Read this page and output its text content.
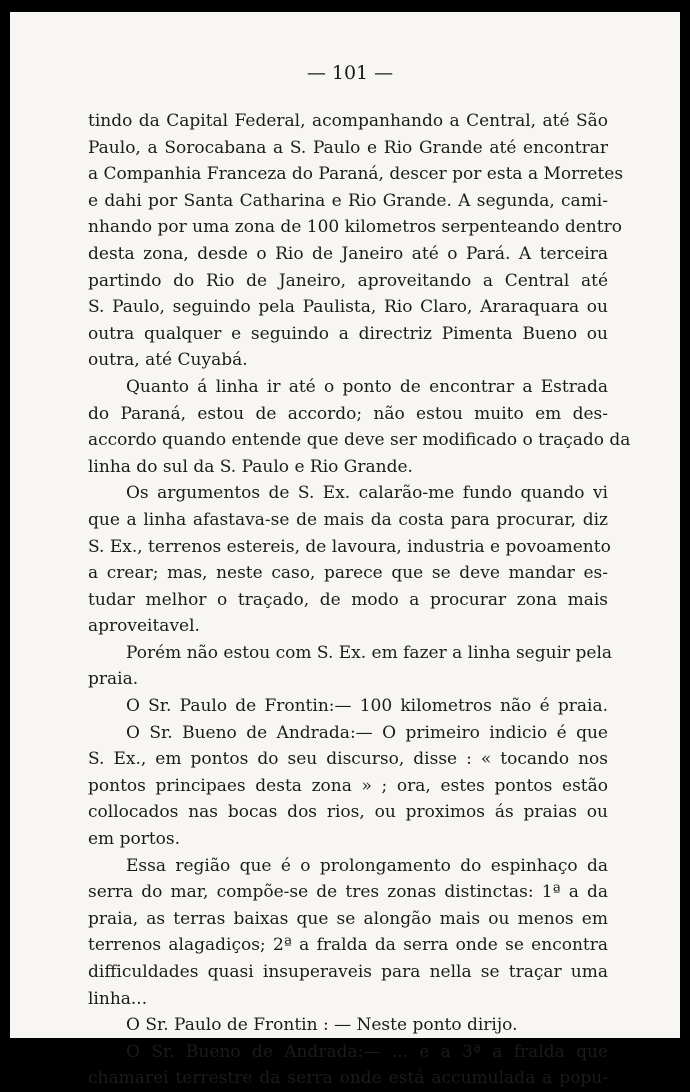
— 101 —
tindo da Capital Federal, acompanhando a Central, até São
Paulo, a Sorocabana a S. Paulo e Rio Grande até encontrar
a Companhia Franceza do Paraná, descer por esta a Morretes
e dahi por Santa Catharina e Rio Grande. A segunda, cami-
nhando por uma zona de 100 kilometros serpenteando dentro
desta zona, desde o Rio de Janeiro até o Pará. A terceira
partindo do Rio de Janeiro, aproveitando a Central até
S. Paulo, seguindo pela Paulista, Rio Claro, Araraquara ou
outra qualquer e seguindo a directriz Pimenta Bueno ou
outra, até Cuyabá.
Quanto á linha ir até o ponto de encontrar a Estrada
do Paraná, estou de accordo; não estou muito em des-
accordo quando entende que deve ser modificado o traçado da
linha do sul da S. Paulo e Rio Grande.
Os argumentos de S. Ex. calarão-me fundo quando vi
que a linha afastava-se de mais da costa para procurar, diz
S. Ex., terrenos estereis, de lavoura, industria e povoamento
a crear; mas, neste caso, parece que se deve mandar es-
tudar melhor o traçado, de modo a procurar zona mais
aproveitavel.
Porém não estou com S. Ex. em fazer a linha seguir pela
praia.
O Sr. Paulo de Frontin:— 100 kilometros não é praia.
O Sr. Bueno de Andrada:— O primeiro indicio é que
S. Ex., em pontos do seu discurso, disse : « tocando nos
pontos principaes desta zona » ; ora, estes pontos estão
collocados nas bocas dos rios, ou proximos ás praias ou
em portos.
Essa região que é o prolongamento do espinhaço da
serra do mar, compõe-se de tres zonas distinctas: 1ª a da
praia, as terras baixas que se alongão mais ou menos em
terrenos alagadiços; 2ª a fralda da serra onde se encontra
difficuldades quasi insuperaveis para nella se traçar uma
linha...
O Sr. Paulo de Frontin : — Neste ponto dirijo.
O Sr. Bueno de Andrada:— ... e a 3ª a fralda que
chamarei terrestre da serra onde está accumulada a popu-
